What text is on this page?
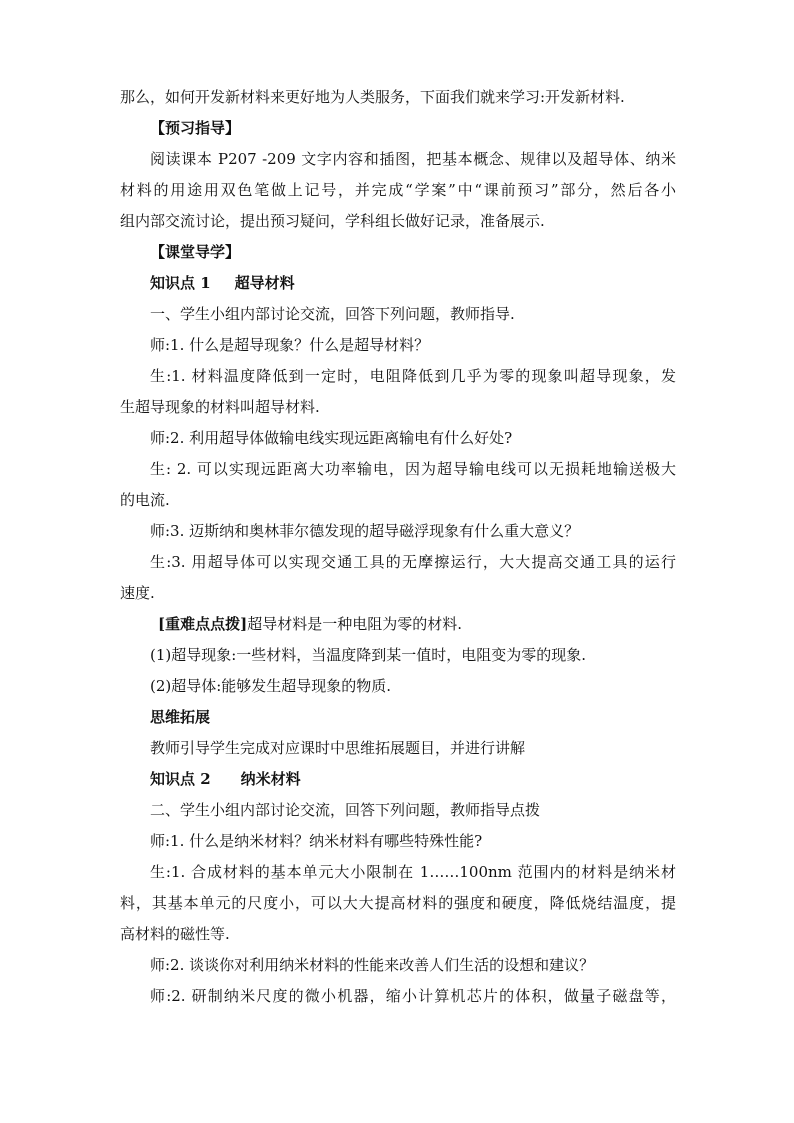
那么，如何开发新材料来更好地为人类服务，下面我们就来学习:开发新材料.
【预习指导】
阅读课本 P207 -209 文字内容和插图，把基本概念、规律以及超导体、纳米
材料的用途用双色笔做上记号，并完成“学案”中“课前预习”部分，然后各小
组内部交流讨论，提出预习疑问，学科组长做好记录，准备展示.
【课堂导学】
知识点 1 超导材料
一、学生小组内部讨论交流，回答下列问题，教师指导.
师:1. 什么是超导现象？什么是超导材料？
生:1. 材料温度降低到一定时，电阻降低到几乎为零的现象叫超导现象，发
生超导现象的材料叫超导材料.
师:2. 利用超导体做输电线实现远距离输电有什么好处?
生: 2. 可以实现远距离大功率输电，因为超导输电线可以无损耗地输送极大
的电流.
师:3. 迈斯纳和奥林菲尔德发现的超导磁浮现象有什么重大意义？
生:3. 用超导体可以实现交通工具的无摩擦运行，大大提高交通工具的运行
速度.
[重难点点拨]超导材料是一种电阻为零的材料.
(1)超导现象:一些材料，当温度降到某一值时，电阻变为零的现象.
(2)超导体:能够发生超导现象的物质.
思维拓展
教师引导学生完成对应课时中思维拓展题目，并进行讲解
知识点 2 纳米材料
二、学生小组内部讨论交流，回答下列问题，教师指导点拨
师:1. 什么是纳米材料？纳米材料有哪些特殊性能?
生:1. 合成材料的基本单元大小限制在 1……100nm 范围内的材料是纳米材
料，其基本单元的尺度小，可以大大提高材料的强度和硬度，降低烧结温度，提
高材料的磁性等.
师:2. 谈谈你对利用纳米材料的性能来改善人们生活的设想和建议？
师:2. 研制纳米尺度的微小机器，缩小计算机芯片的体积，做量子磁盘等，
